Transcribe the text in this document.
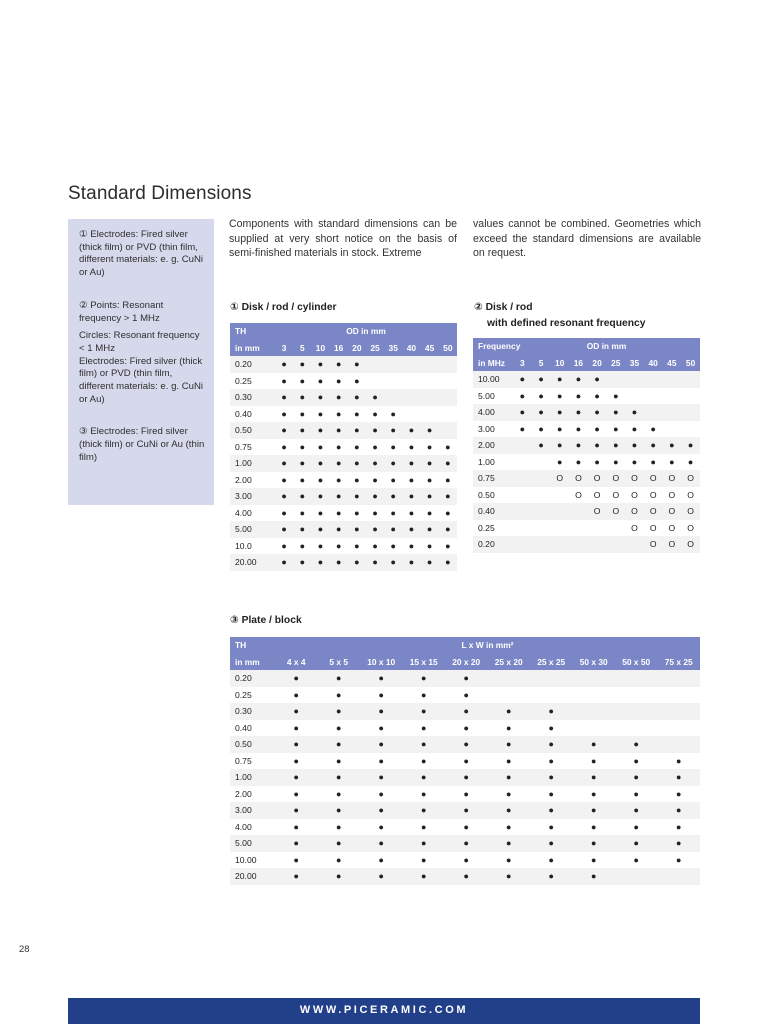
Standard Dimensions

① Electrodes: Fired silver (thick film) or PVD (thin film, different materials: e. g. CuNi or Au)

② Points: Resonant frequency > 1 MHz

Circles: Resonant frequency < 1 MHz

Electrodes: Fired silver (thick film) or PVD (thin film, different materials: e. g. CuNi or Au)

③ Electrodes: Fired silver (thick film) or CuNi or Au (thin film)

Components with standard dimensions can be supplied at very short notice on the basis of semi-finished materials in stock. Extreme

values cannot be combined. Geometries which exceed the standard dimensions are available on request.

① Disk / rod / cylinder
TH	OD in mm									
in mm	3	5	10	16	20	25	35	40	45	50
0.20	●	●	●	●	●					
0.25	●	●	●	●	●					
0.30	●	●	●	●	●	●				
0.40	●	●	●	●	●	●	●			
0.50	●	●	●	●	●	●	●	●	●	
0.75	●	●	●	●	●	●	●	●	●	●
1.00	●	●	●	●	●	●	●	●	●	●
2.00	●	●	●	●	●	●	●	●	●	●
3.00	●	●	●	●	●	●	●	●	●	●
4.00	●	●	●	●	●	●	●	●	●	●
5.00	●	●	●	●	●	●	●	●	●	●
10.0	●	●	●	●	●	●	●	●	●	●
20.00	●	●	●	●	●	●	●	●	●	●
② Disk / rod
with defined resonant frequency
Frequency	OD in mm									
in MHz	3	5	10	16	20	25	35	40	45	50
10.00	●	●	●	●	●					
5.00	●	●	●	●	●	●				
4.00	●	●	●	●	●	●	●			
3.00	●	●	●	●	●	●	●	●		
2.00		●	●	●	●	●	●	●	●	●
1.00			●	●	●	●	●	●	●	●
0.75			O	O	O	O	O	O	O	O
0.50				O	O	O	O	O	O	O
0.40					O	O	O	O	O	O
0.25							O	O	O	O
0.20								O	O	O
③ Plate / block
TH	L x W in mm²									
in mm	4 x 4	5 x 5	10 x 10	15 x 15	20 x 20	25 x 20	25 x 25	50 x 30	50 x 50	75 x 25
0.20	●	●	●	●	●					
0.25	●	●	●	●	●					
0.30	●	●	●	●	●	●	●			
0.40	●	●	●	●	●	●	●			
0.50	●	●	●	●	●	●	●	●	●	
0.75	●	●	●	●	●	●	●	●	●	●
1.00	●	●	●	●	●	●	●	●	●	●
2.00	●	●	●	●	●	●	●	●	●	●
3.00	●	●	●	●	●	●	●	●	●	●
4.00	●	●	●	●	●	●	●	●	●	●
5.00	●	●	●	●	●	●	●	●	●	●
10.00	●	●	●	●	●	●	●	●	●	●
20.00	●	●	●	●	●	●	●	●		
28
WWW.PICERAMIC.COM
